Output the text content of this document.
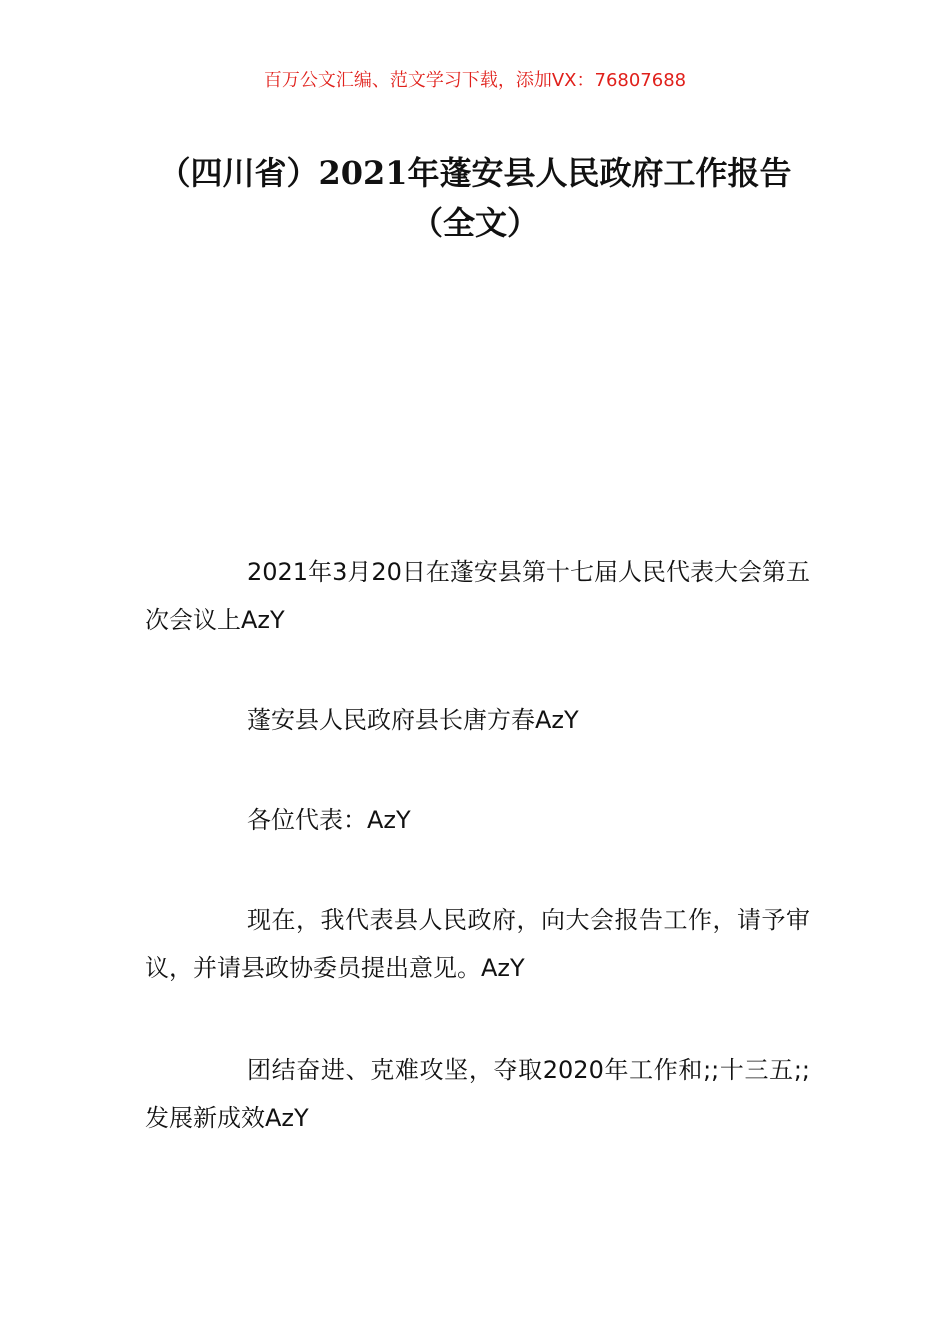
百万公文汇编、范文学习下载，添加VX：76807688
（四川省）2021年蓬安县人民政府工作报告（全文）
2021年3月20日在蓬安县第十七届人民代表大会第五次会议上AzY
蓬安县人民政府县长唐方春AzY
各位代表：AzY
现在，我代表县人民政府，向大会报告工作，请予审议，并请县政协委员提出意见。AzY
团结奋进、克难攻坚，夺取2020年工作和;;十三五;;发展新成效AzY
